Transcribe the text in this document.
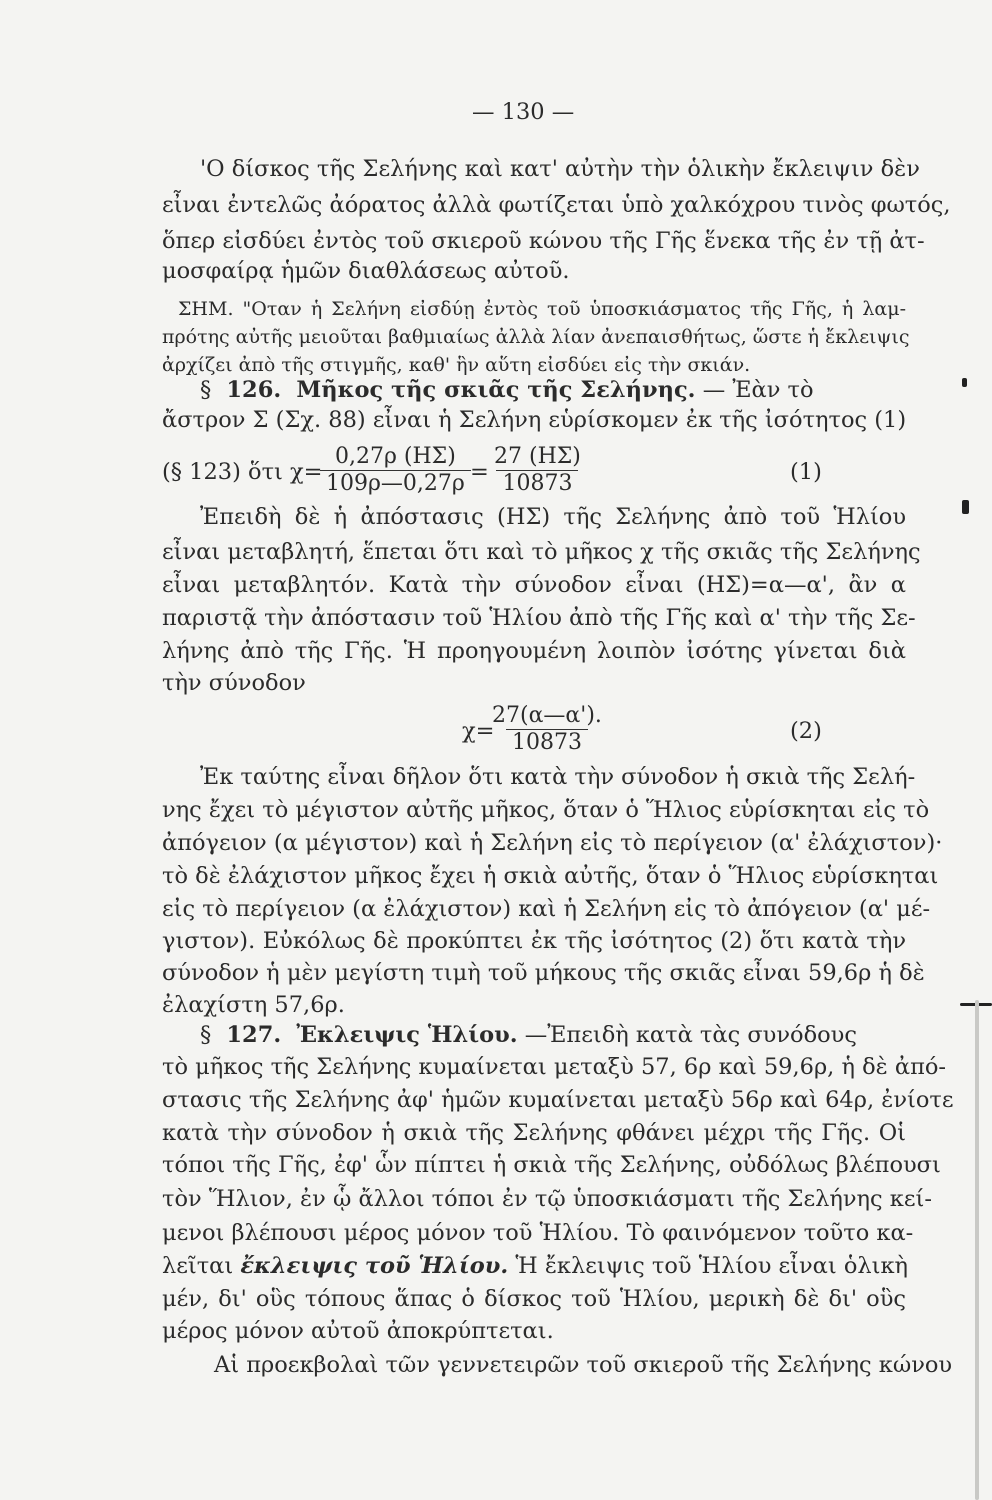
— 130 —
'Ο δίσκος τῆς Σελήνης καὶ κατ' αὐτὴν τὴν ὁλικὴν ἔκλειψιν δὲν
εἶναι ἐντελῶς ἀόρατος ἀλλὰ φωτίζεται ὑπὸ χαλκόχρου τινὸς φωτός,
ὅπερ εἰσδύει ἐντὸς τοῦ σκιεροῦ κώνου τῆς Γῆς ἕνεκα τῆς ἐν τῇ ἀτ-
μοσφαίρᾳ ἡμῶν διαθλάσεως αὐτοῦ.
ΣΗΜ. "Οταν ἡ Σελήνη εἰσδύῃ ἐντὸς τοῦ ὑποσκιάσματος τῆς Γῆς, ἡ λαμ-
πρότης αὐτῆς μειοῦται βαθμιαίως ἀλλὰ λίαν ἀνεπαισθήτως, ὥστε ἡ ἔκλειψις
ἀρχίζει ἀπὸ τῆς στιγμῆς, καθ' ἣν αὕτη εἰσδύει εἰς τὴν σκιάν.
§ 126. Μῆκος τῆς σκιᾶς τῆς Σελήνης. — Ἐὰν τὸ
ἄστρον Σ (Σχ. 88) εἶναι ἡ Σελήνη εὑρίσκομεν ἐκ τῆς ἰσότητος (1)
(§ 123) ὅτι χ=
$\frac{0,27\rho (H\Sigma)}{109\rho—0,27\rho} = \frac{27 (H\Sigma)}{10873}$	(1)
Ἐπειδὴ δὲ ἡ ἀπόστασις (ΗΣ) τῆς Σελήνης ἀπὸ τοῦ Ἡλίου
εἶναι μεταβλητή, ἕπεται ὅτι καὶ τὸ μῆκος χ τῆς σκιᾶς τῆς Σελήνης
εἶναι μεταβλητόν. Κατὰ τὴν σύνοδον εἶναι (ΗΣ)=α—α', ἂν α
παριστᾷ τὴν ἀπόστασιν τοῦ Ἡλίου ἀπὸ τῆς Γῆς καὶ α' τὴν τῆς Σε-
λήνης ἀπὸ τῆς Γῆς. Ἡ προηγουμένη λοιπὸν ἰσότης γίνεται διὰ
τὴν σύνοδον
χ=
$\frac{27(\alpha—\alpha').}{10873}$	(2)
Ἐκ ταύτης εἶναι δῆλον ὅτι κατὰ τὴν σύνοδον ἡ σκιὰ τῆς Σελή-
νης ἔχει τὸ μέγιστον αὐτῆς μῆκος, ὅταν ὁ Ἥλιος εὑρίσκηται εἰς τὸ
ἀπόγειον (α μέγιστον) καὶ ἡ Σελήνη εἰς τὸ περίγειον (α' ἐλάχιστον)·
τὸ δὲ ἐλάχιστον μῆκος ἔχει ἡ σκιὰ αὐτῆς, ὅταν ὁ Ἥλιος εὑρίσκηται
εἰς τὸ περίγειον (α ἐλάχιστον) καὶ ἡ Σελήνη εἰς τὸ ἀπόγειον (α' μέ-
γιστον). Εὐκόλως δὲ προκύπτει ἐκ τῆς ἰσότητος (2) ὅτι κατὰ τὴν
σύνοδον ἡ μὲν μεγίστη τιμὴ τοῦ μήκους τῆς σκιᾶς εἶναι 59,6ρ ἡ δὲ
ἐλαχίστη 57,6ρ.
§ 127. Ἐκλειψις Ἡλίου. —Ἐπειδὴ κατὰ τὰς συνόδους
τὸ μῆκος τῆς Σελήνης κυμαίνεται μεταξὺ 57, 6ρ καὶ 59,6ρ, ἡ δὲ ἀπό-
στασις τῆς Σελήνης ἀφ' ἡμῶν κυμαίνεται μεταξὺ 56ρ καὶ 64ρ, ἐνίοτε
κατὰ τὴν σύνοδον ἡ σκιὰ τῆς Σελήνης φθάνει μέχρι τῆς Γῆς. Οἱ
τόποι τῆς Γῆς, ἐφ' ὧν πίπτει ἡ σκιὰ τῆς Σελήνης, οὐδόλως βλέπουσι
τὸν Ἥλιον, ἐν ᾧ ἄλλοι τόποι ἐν τῷ ὑποσκιάσματι τῆς Σελήνης κεί-
μενοι βλέπουσι μέρος μόνον τοῦ Ἡλίου. Τὸ φαινόμενον τοῦτο κα-
λεῖται ἔκλειψις τοῦ Ἡλίου. Ἡ ἔκλειψις τοῦ Ἡλίου εἶναι ὁλικὴ
μέν, δι' οὓς τόπους ἅπας ὁ δίσκος τοῦ Ἡλίου, μερικὴ δὲ δι' οὓς
μέρος μόνον αὐτοῦ ἀποκρύπτεται.
Αἱ προεκβολαὶ τῶν γεννετειρῶν τοῦ σκιεροῦ τῆς Σελήνης κώνου
